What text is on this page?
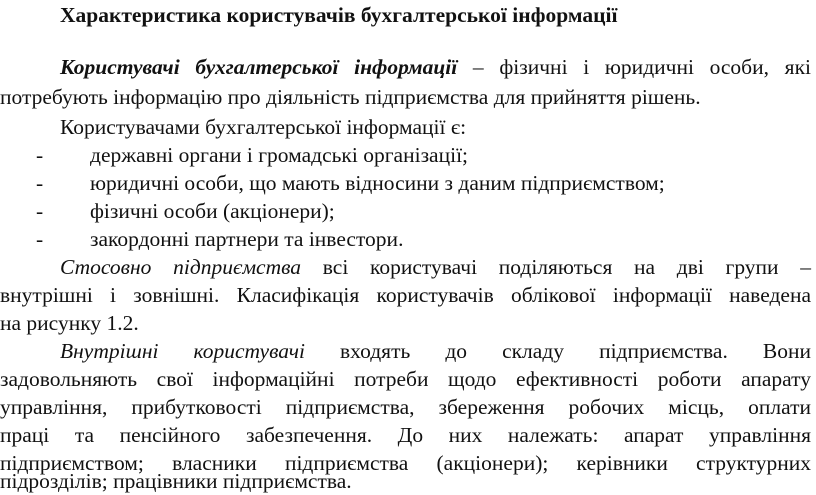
Характеристика користувачів бухгалтерської інформації
Користувачі бухгалтерської інформації – фізичні і юридичні особи, які
потребують інформацію про діяльність підприємства для прийняття рішень.
Користувачами бухгалтерської інформації є:
- державні органи і громадські організації;
- юридичні особи, що мають відносини з даним підприємством;
- фізичні особи (акціонери);
- закордонні партнери та інвестори.
Стосовно підприємства всі користувачі поділяються на дві групи –
внутрішні і зовнішні. Класифікація користувачів облікової інформації наведена
на рисунку 1.2.
Внутрішні користувачі входять до складу підприємства. Вони
задовольняють свої інформаційні потреби щодо ефективності роботи апарату
управління, прибутковості підприємства, збереження робочих місць, оплати
праці та пенсійного забезпечення. До них належать: апарат управління
підприємством; власники підприємства (акціонери); керівники структурних
підрозділів; працівники підприємства.
